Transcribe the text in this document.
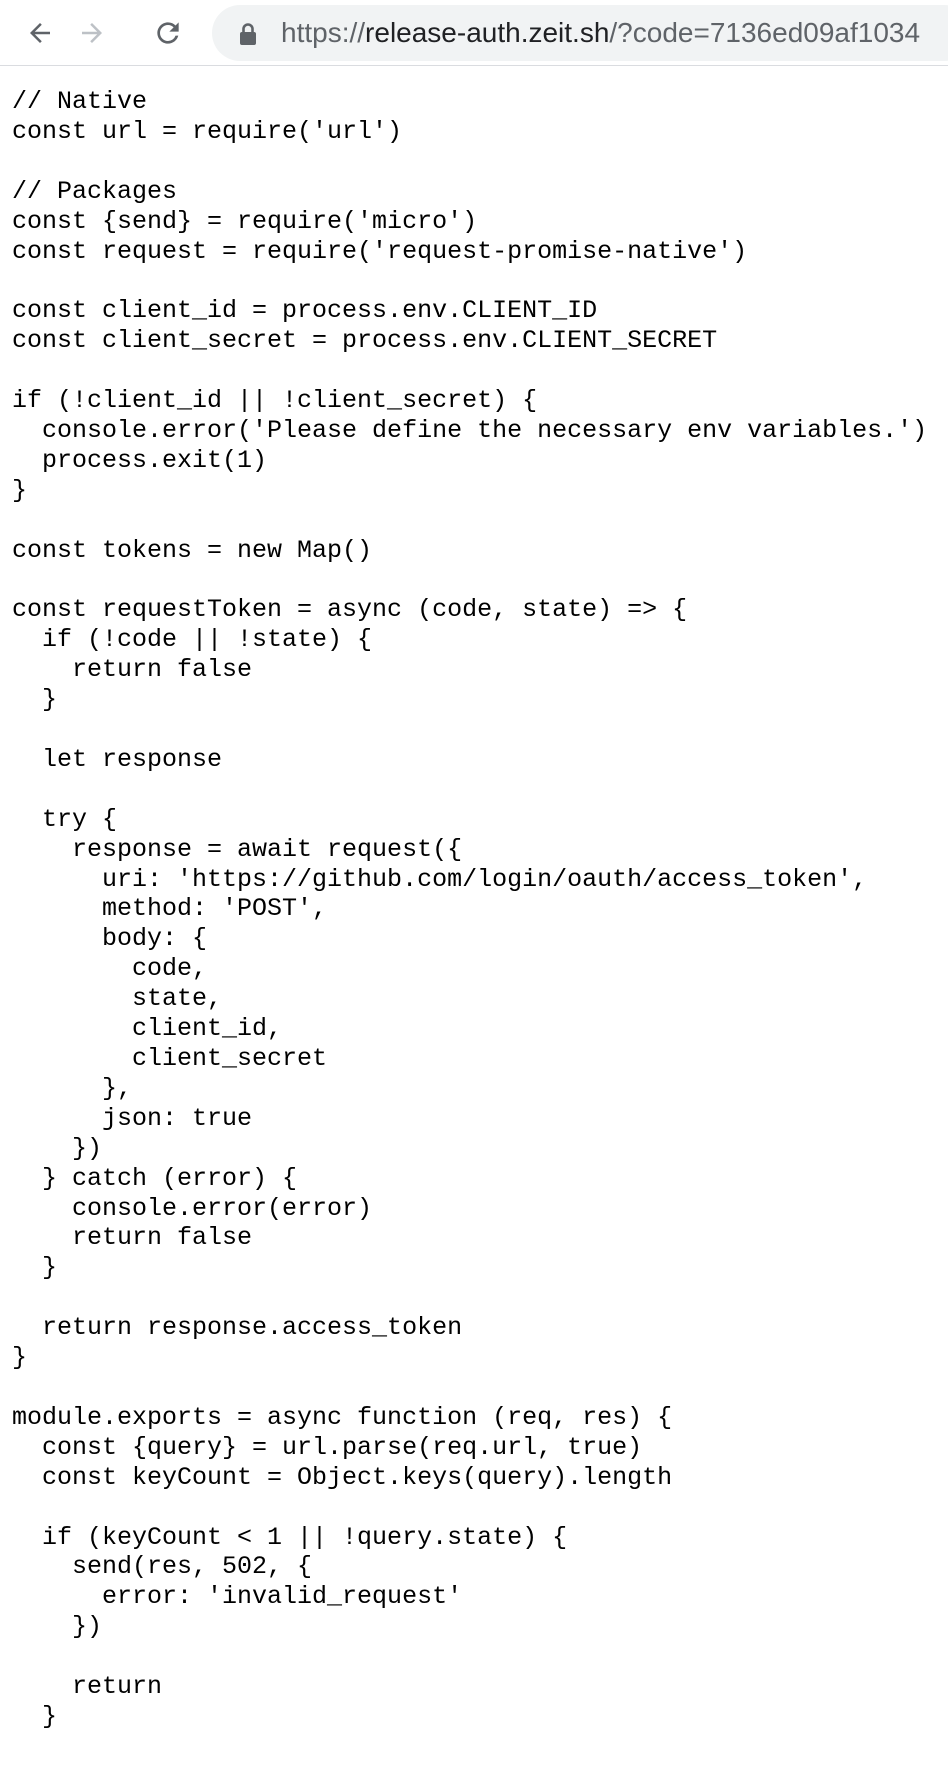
https://release-auth.zeit.sh/?code=7136ed09af1034
// Native
const url = require('url')

// Packages
const {send} = require('micro')
const request = require('request-promise-native')

const client_id = process.env.CLIENT_ID
const client_secret = process.env.CLIENT_SECRET

if (!client_id || !client_secret) {
console.error('Please define the necessary env variables.')
process.exit(1)
}

const tokens = new Map()

const requestToken = async (code, state) => {
if (!code || !state) {
return false
}

let response

try {
response = await request({
uri: 'https://github.com/login/oauth/access_token',
method: 'POST',
body: {
code,
state,
client_id,
client_secret
},
json: true
})
} catch (error) {
console.error(error)
return false
}

return response.access_token
}

module.exports = async function (req, res) {
const {query} = url.parse(req.url, true)
const keyCount = Object.keys(query).length

if (keyCount < 1 || !query.state) {
send(res, 502, {
error: 'invalid_request'
})

return
}
